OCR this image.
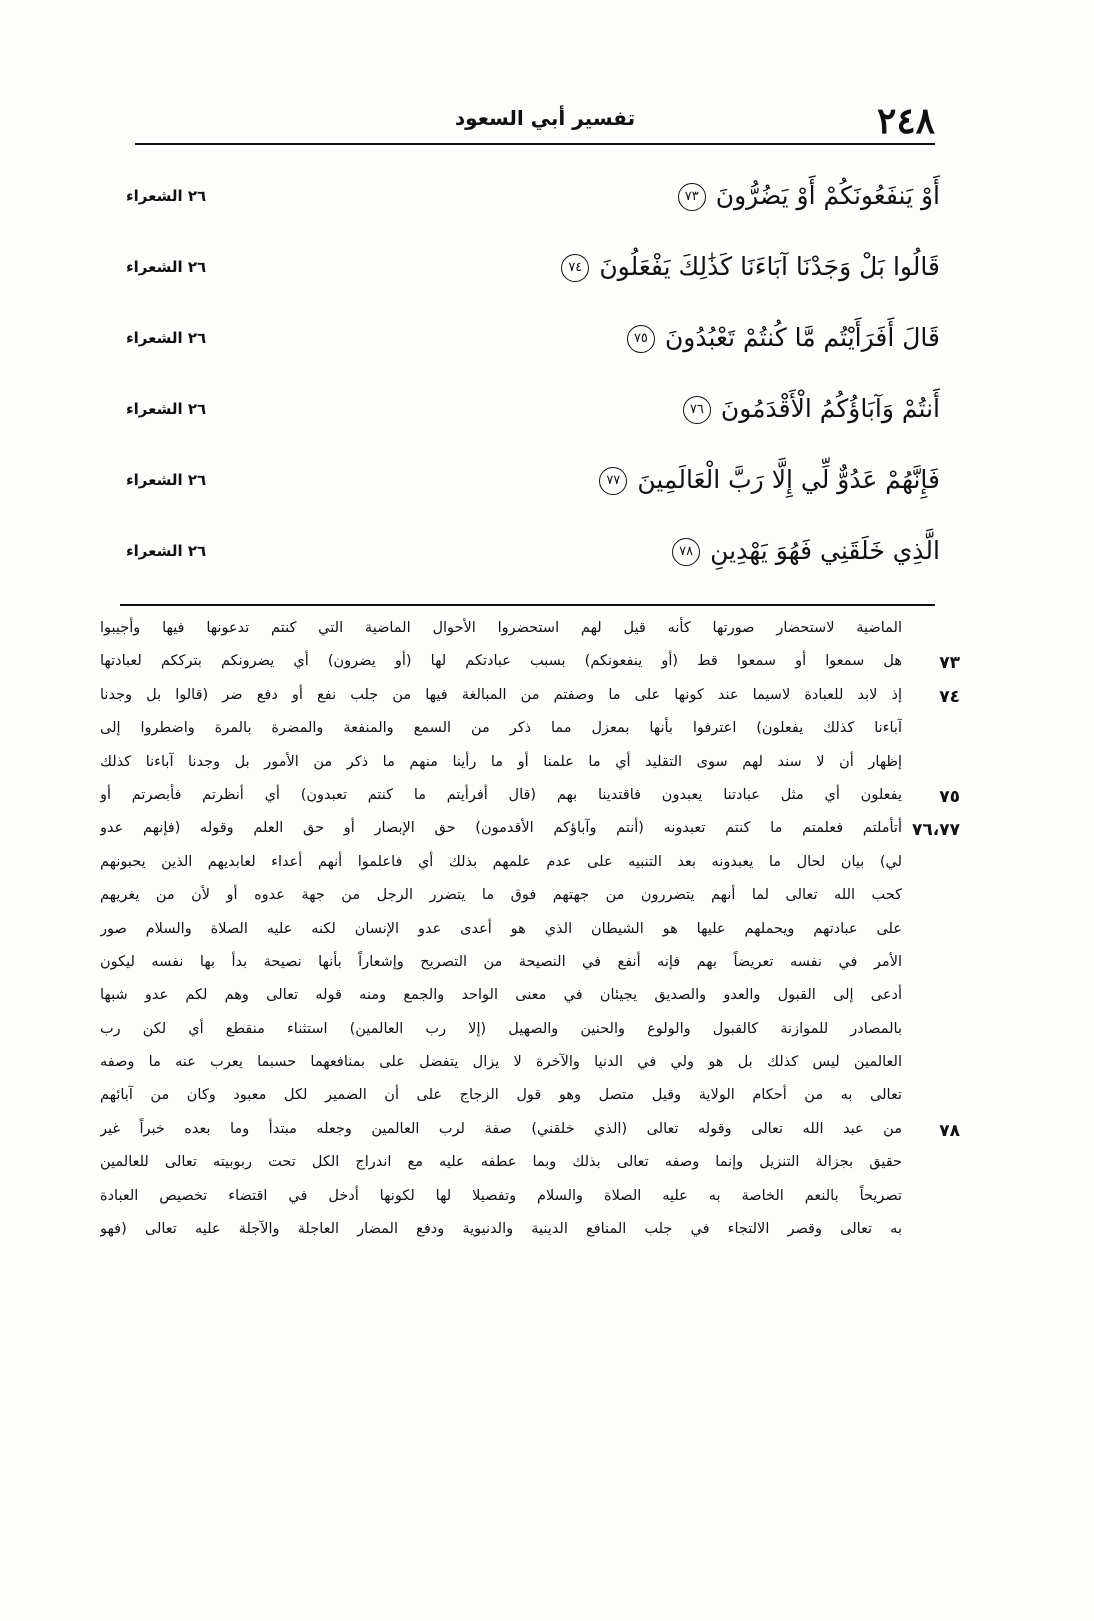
٢٤٨
تفسير أبي السعود
أَوْ يَنفَعُونَكُمْ أَوْ يَضُرُّونَ٧٣
٢٦ الشعراء
قَالُوا بَلْ وَجَدْنَا آبَاءَنَا كَذَٰلِكَ يَفْعَلُونَ٧٤
٢٦ الشعراء
قَالَ أَفَرَأَيْتُم مَّا كُنتُمْ تَعْبُدُونَ٧٥
٢٦ الشعراء
أَنتُمْ وَآبَاؤُكُمُ الْأَقْدَمُونَ٧٦
٢٦ الشعراء
فَإِنَّهُمْ عَدُوٌّ لِّي إِلَّا رَبَّ الْعَالَمِينَ٧٧
٢٦ الشعراء
الَّذِي خَلَقَنِي فَهُوَ يَهْدِينِ٧٨
٢٦ الشعراء
الماضية لاستحضار صورتها كأنه قيل لهم استحضروا الأحوال الماضية التي كنتم تدعونها فيها وأجيبوا
٧٣
هل سمعوا أو سمعوا قط (أو ينفعونكم) بسبب عبادتكم لها (أو يضرون) أي يضرونكم بترككم لعبادتها
٧٤
إذ لابد للعبادة لاسيما عند كونها على ما وصفتم من المبالغة فيها من جلب نفع أو دفع ضر (قالوا بل وجدنا
آباءنا كذلك يفعلون) اعترفوا بأنها بمعزل مما ذكر من السمع والمنفعة والمضرة بالمرة واضطروا إلى
إظهار أن لا سند لهم سوى التقليد أي ما علمنا أو ما رأينا منهم ما ذكر من الأمور بل وجدنا آباءنا كذلك
٧٥
يفعلون أي مثل عبادتنا يعبدون فاقتدينا بهم (قال أفرأيتم ما كنتم تعبدون) أي أنظرتم فأبصرتم أو
٧٦،٧٧
أتأملتم فعلمتم ما كنتم تعبدونه (أنتم وآباؤكم الأقدمون) حق الإبصار أو حق العلم وقوله (فإنهم عدو
لي) بيان لحال ما يعبدونه بعد التنبيه على عدم علمهم بذلك أي فاعلموا أنهم أعداء لعابديهم الذين يحبونهم
كحب الله تعالى لما أنهم يتضررون من جهتهم فوق ما يتضرر الرجل من جهة عدوه أو لأن من يغريهم
على عبادتهم ويحملهم عليها هو الشيطان الذي هو أعدى عدو الإنسان لكنه عليه الصلاة والسلام صور
الأمر في نفسه تعريضاً بهم فإنه أنفع في النصيحة من التصريح وإشعاراً بأنها نصيحة بدأ بها نفسه ليكون
أدعى إلى القبول والعدو والصديق يجيئان في معنى الواحد والجمع ومنه قوله تعالى وهم لكم عدو شبها
بالمصادر للموازنة كالقبول والولوع والحنين والصهيل (إلا رب العالمين) استثناء منقطع أي لكن رب
العالمين ليس كذلك بل هو ولي في الدنيا والآخرة لا يزال يتفضل على بمنافعهما حسبما يعرب عنه ما وصفه
تعالى به من أحكام الولاية وقيل متصل وهو قول الزجاج على أن الضمير لكل معبود وكان من آبائهم
٧٨
من عبد الله تعالى وقوله تعالى (الذي خلقني) صفة لرب العالمين وجعله مبتدأ وما بعده خبراً غير
حقيق بجزالة التنزيل وإنما وصفه تعالى بذلك وبما عطفه عليه مع اندراج الكل تحت ربوبيته تعالى للعالمين
تصريحاً بالنعم الخاصة به عليه الصلاة والسلام وتفصيلا لها لكونها أدخل في اقتضاء تخصيص العبادة
به تعالى وقصر الالتجاء في جلب المنافع الدينية والدنيوية ودفع المضار العاجلة والآجلة عليه تعالى (فهو
